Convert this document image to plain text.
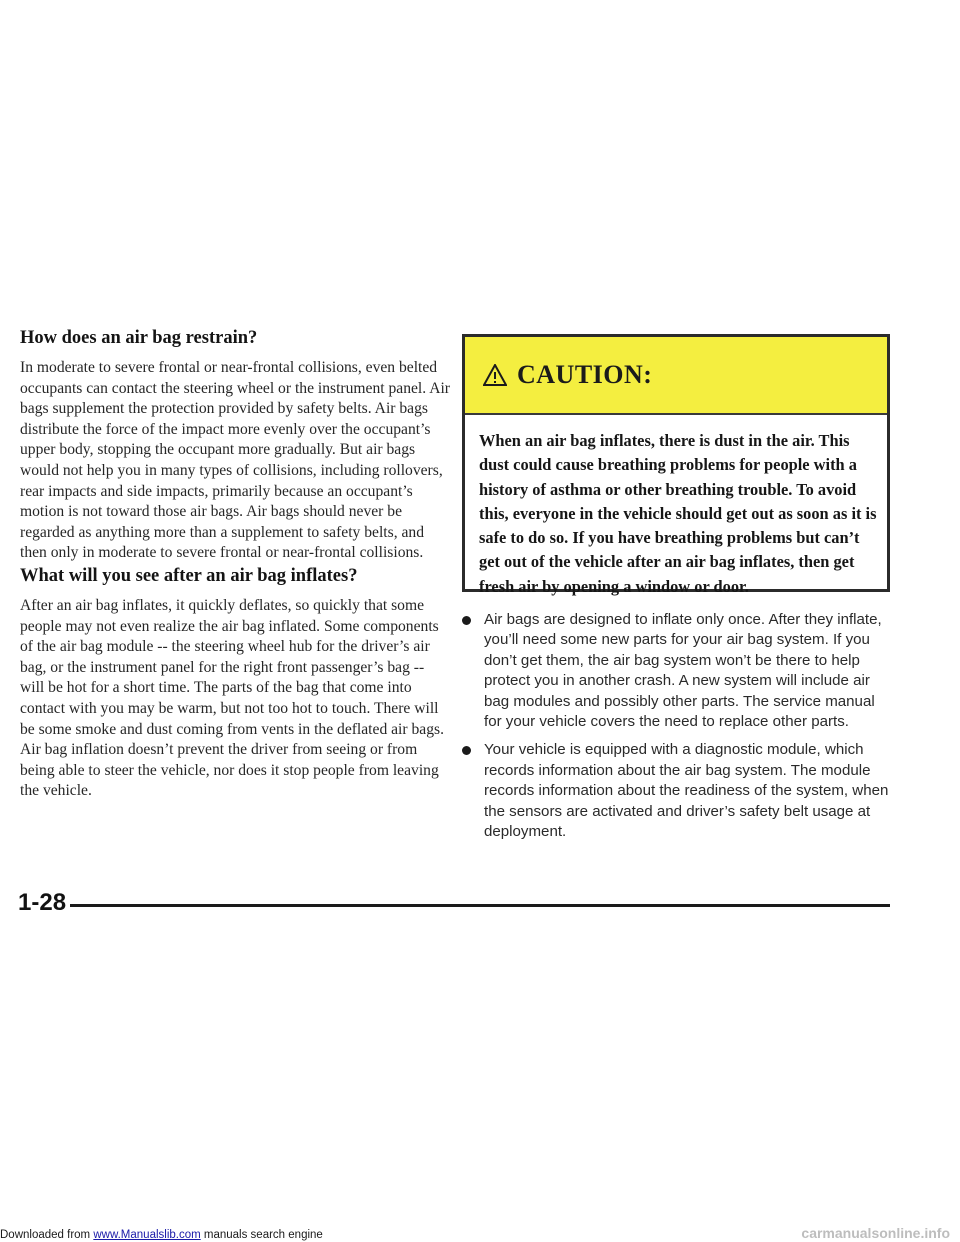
How does an air bag restrain?

In moderate to severe frontal or near-frontal collisions, even belted occupants can contact the steering wheel or the instrument panel. Air bags supplement the protection provided by safety belts. Air bags distribute the force of the impact more evenly over the occupant’s upper body, stopping the occupant more gradually. But air bags would not help you in many types of collisions, including rollovers, rear impacts and side impacts, primarily because an occupant’s motion is not toward those air bags. Air bags should never be regarded as anything more than a supplement to safety belts, and then only in moderate to severe frontal or near-frontal collisions.

What will you see after an air bag inflates?

After an air bag inflates, it quickly deflates, so quickly that some people may not even realize the air bag inflated. Some components of the air bag module -- the steering wheel hub for the driver’s air bag, or the instrument panel for the right front passenger’s bag -- will be hot for a short time. The parts of the bag that come into contact with you may be warm, but not too hot to touch. There will be some smoke and dust coming from vents in the deflated air bags. Air bag inflation doesn’t prevent the driver from seeing or from being able to steer the vehicle, nor does it stop people from leaving the vehicle.

CAUTION:
When an air bag inflates, there is dust in the air. This dust could cause breathing problems for people with a history of asthma or other breathing trouble. To avoid this, everyone in the vehicle should get out as soon as it is safe to do so. If you have breathing problems but can’t get out of the vehicle after an air bag inflates, then get fresh air by opening a window or door.
Air bags are designed to inflate only once. After they inflate, you’ll need some new parts for your air bag system. If you don’t get them, the air bag system won’t be there to help protect you in another crash. A new system will include air bag modules and possibly other parts. The service manual for your vehicle covers the need to replace other parts.
Your vehicle is equipped with a diagnostic module, which records information about the air bag system. The module records information about the readiness of the system, when the sensors are activated and driver’s safety belt usage at deployment.
1-28
Downloaded from www.Manualslib.com manuals search engine	carmanualsonline.info
